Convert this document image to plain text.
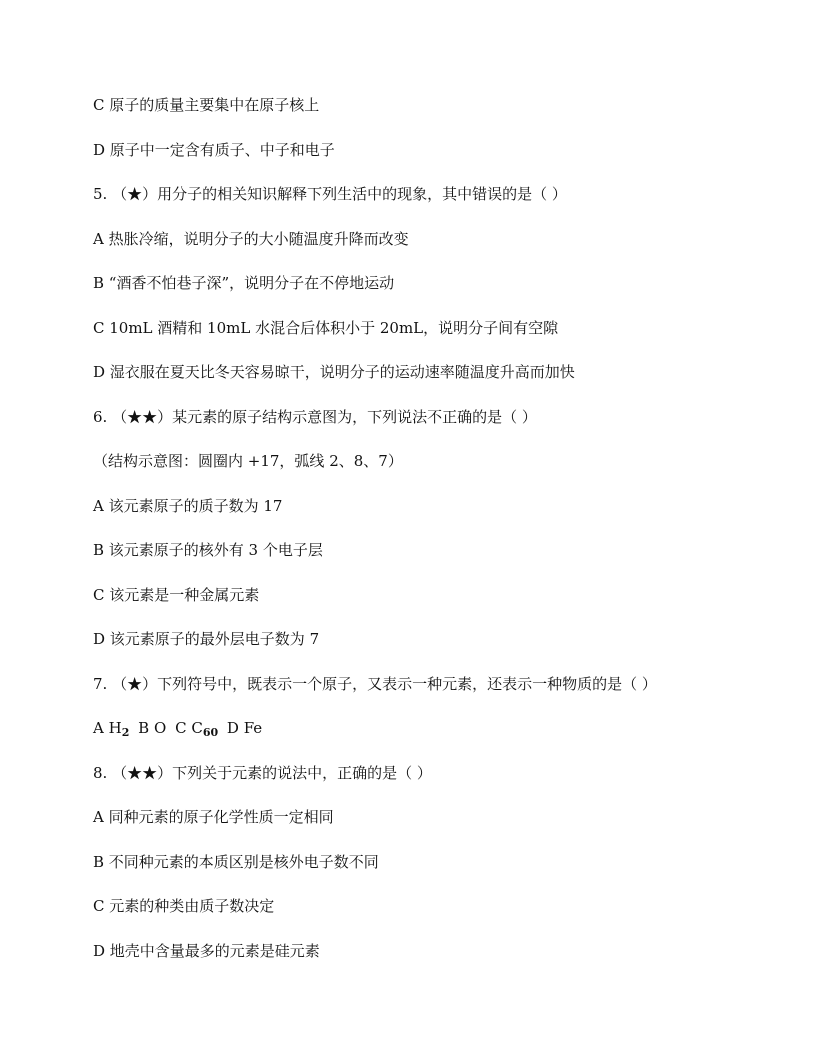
C 原子的质量主要集中在原子核上
D 原子中一定含有质子、中子和电子
5. （★）用分子的相关知识解释下列生活中的现象，其中错误的是（ ）
A 热胀冷缩，说明分子的大小随温度升降而改变
B “酒香不怕巷子深”，说明分子在不停地运动
C 10mL 酒精和 10mL 水混合后体积小于 20mL，说明分子间有空隙
D 湿衣服在夏天比冬天容易晾干，说明分子的运动速率随温度升高而加快
6. （★★）某元素的原子结构示意图为，下列说法不正确的是（ ）
（结构示意图：圆圈内 +17，弧线 2、8、7）
A 该元素原子的质子数为 17
B 该元素原子的核外有 3 个电子层
C 该元素是一种金属元素
D 该元素原子的最外层电子数为 7
7. （★）下列符号中，既表示一个原子，又表示一种元素，还表示一种物质的是（ ）
A $H_2$ B O C $C_{60}$ D Fe
8. （★★）下列关于元素的说法中，正确的是（ ）
A 同种元素的原子化学性质一定相同
B 不同种元素的本质区别是核外电子数不同
C 元素的种类由质子数决定
D 地壳中含量最多的元素是硅元素
